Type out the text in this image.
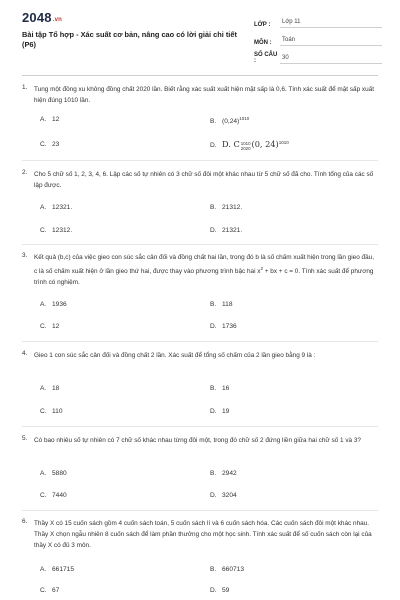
2048.vn
Bài tập Tổ hợp - Xác suất cơ bản, nâng cao có lời giải chi tiết (P6)
LỚP :	Lớp 11
MÔN :	Toán
SỐ CÂU :	30
1.	Tung một đồng xu không đồng chất 2020 lần. Biết rằng xác suất xuất hiện mặt sấp là 0,6. Tính xác suất để mặt sấp xuất hiện đúng 1010 lần.
A. 12	B. $(0,24)^{1010}$
C. 23	D. D. C 1010
2020 (0, 24)$^{1010}$
2.	Cho 5 chữ số 1, 2, 3, 4, 6. Lập các số tự nhiên có 3 chữ số đôi một khác nhau từ 5 chữ số đã cho. Tính tổng của các số lập được.
A. 12321.	B. 21312.
C. 12312.	D. 21321.
3.	Kết quả (b,c) của việc gieo con súc sắc cân đối và đồng chất hai lần, trong đó b là số chấm xuất hiện trong lần gieo đầu, c là số chấm xuất hiện ở lần gieo thứ hai, được thay vào phương trình bậc hai $x^2$ + bx + c = 0. Tính xác suất để phương trình có nghiệm.
A. 1936	B. 118
C. 12	D. 1736
4.	Gieo 1 con súc sắc cân đối và đồng chất 2 lần. Xác suất để tổng số chấm của 2 lần gieo bằng 9 là :
A. 18	B. 16
C. 110	D. 19
5.	Có bao nhiêu số tự nhiên có 7 chữ số khác nhau từng đôi một, trong đó chữ số 2 đứng liền giữa hai chữ số 1 và 3?
A. 5880	B. 2942
C. 7440	D. 3204
6.	Thầy X có 15 cuốn sách gồm 4 cuốn sách toán, 5 cuốn sách lí và 6 cuốn sách hóa. Các cuốn sách đôi một khác nhau. Thầy X chọn ngẫu nhiên 8 cuốn sách để làm phần thưởng cho một học sinh. Tính xác suất để số cuốn sách còn lại của thầy X có đủ 3 môn.
A. 661715	B. 660713
C. 67	D. 59
